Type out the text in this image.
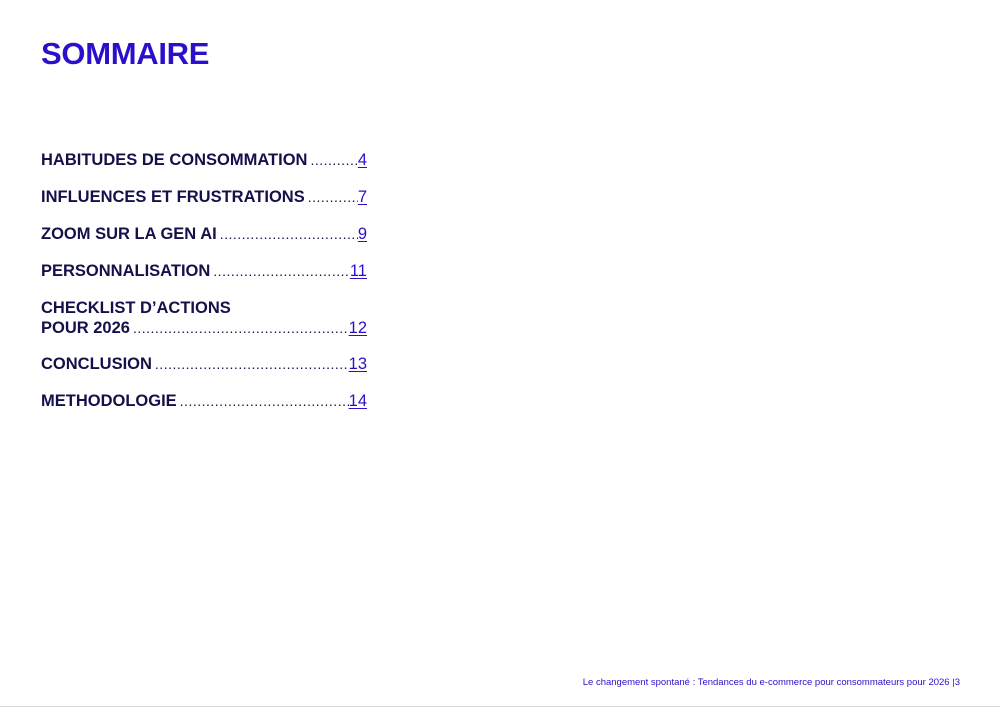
SOMMAIRE
HABITUDES DE CONSOMMATION .....	4
INFLUENCES ET FRUSTRATIONS .....	7
ZOOM SUR LA GEN AI .....	9
PERSONNALISATION .....	11
CHECKLIST D’ACTIONS
POUR 2026 .....	12
CONCLUSION .....	13
METHODOLOGIE .....	14
Le changement spontané : Tendances du e-commerce pour consommateurs pour 2026 |3
